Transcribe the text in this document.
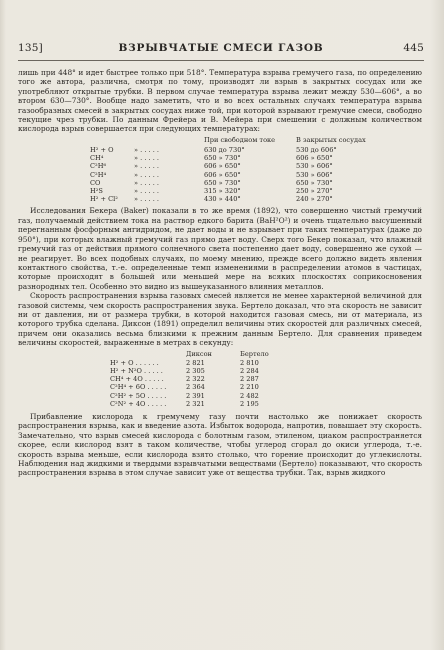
135]	ВЗРЫВЧАТЫЕ СМЕСИ ГАЗОВ	445

лишь при 448° и идет быстрее только при 518°. Температура взрыва гремучего газа, по определению того же автора, различна, смотря по тому, производят ли взрыв в закрытых сосудах или же употребляют открытые трубки. В первом случае температура взрыва лежит между 530—606°, а во втором 630—730°. Вообще надо заметить, что и во всех остальных случаях температура взрыва газообразных смесей в закрытых сосудах ниже той, при которой взрывают гремучие смеси, свободно текущие чрез трубки. По данным Фрейера и В. Мейера при смешении с должным количеством кислорода взрыв совершается при следующих температурах:

		При свободном токе	В закрытых сосудах
H² + O	» . . . . .	630 до 730°	530 до 606°
CH⁴	» . . . . .	650 » 730°	606 » 650°
C²H⁶	» . . . . .	606 » 650°	530 » 606°
C²H⁴	» . . . . .	606 » 650°	530 » 606°
CO	» . . . . .	650 » 730°	650 » 730°
H²S	» . . . . .	315 » 320°	250 » 270°
H² + Cl²	» . . . . .	430 » 440°	240 » 270°

Исследования Бекера (Baker) показали в то же время (1892), что совершенно чистый гремучий газ, получаемый действием тока на раствор едкого барита (BaH²O²) и очень тщательно высушенный перегнанным фосфорным ангидридом, не дает воды и не взрывает при таких температурах (даже до 950°), при которых влажный гремучий газ прямо дает воду. Сверх того Бекер показал, что влажный гремучий газ от действия прямого солнечного света постепенно дает воду, совершенно же сухой — не реагирует. Во всех подобных случаях, по моему мнению, прежде всего должно видеть явления контактного свойства, т.-е. определенные темп изменениями в распределении атомов в частицах, которые происходят в большей или меньшей мере на всяких плоскостях соприкосновения разнородных тел. Особенно это видно из вышеуказанного влияния металлов.

Скорость распространения взрыва газовых смесей является не менее характерной величиной для газовой системы, чем скорость распространения звука. Бертело доказал, что эта скорость не зависит ни от давления, ни от размера трубки, в которой находится газовая смесь, ни от материала, из которого трубка сделана. Диксон (1891) определил величины этих скоростей для различных смесей, причем они оказались весьма близкими к прежним данным Бертело. Для сравнения приведем величины скоростей, выраженные в метрах в секунду:

	Диксон	Бертело
H² + O . . . . . .	2 821	2 810
H² + N²O . . . . .	2 305	2 284
CH⁴ + 4O . . . . .	2 322	2 287
C²H⁴ + 6O . . . . .	2 364	2 210
C²H² + 5O . . . . .	2 391	2 482
C²N² + 4O . . . . .	2 321	2 195

Прибавление кислорода к гремучему газу почти настолько же понижает скорость распространения взрыва, как и введение азота. Избыток водорода, напротив, повышает эту скорость. Замечательно, что взрыв смесей кислорода с болотным газом, этиленом, циаком распространяется скорее, если кислород взят в таком количестве, чтобы углерод сгорал до окиси углерода, т.-е. скорость взрыва меньше, если кислорода взято столько, что горение происходит до углекислоты. Наблюдения над жидкими и твердыми взрывчатыми веществами (Бертело) показывают, что скорость распространения взрыва в этом случае зависит уже от вещества трубки. Так, взрыв жидкого
